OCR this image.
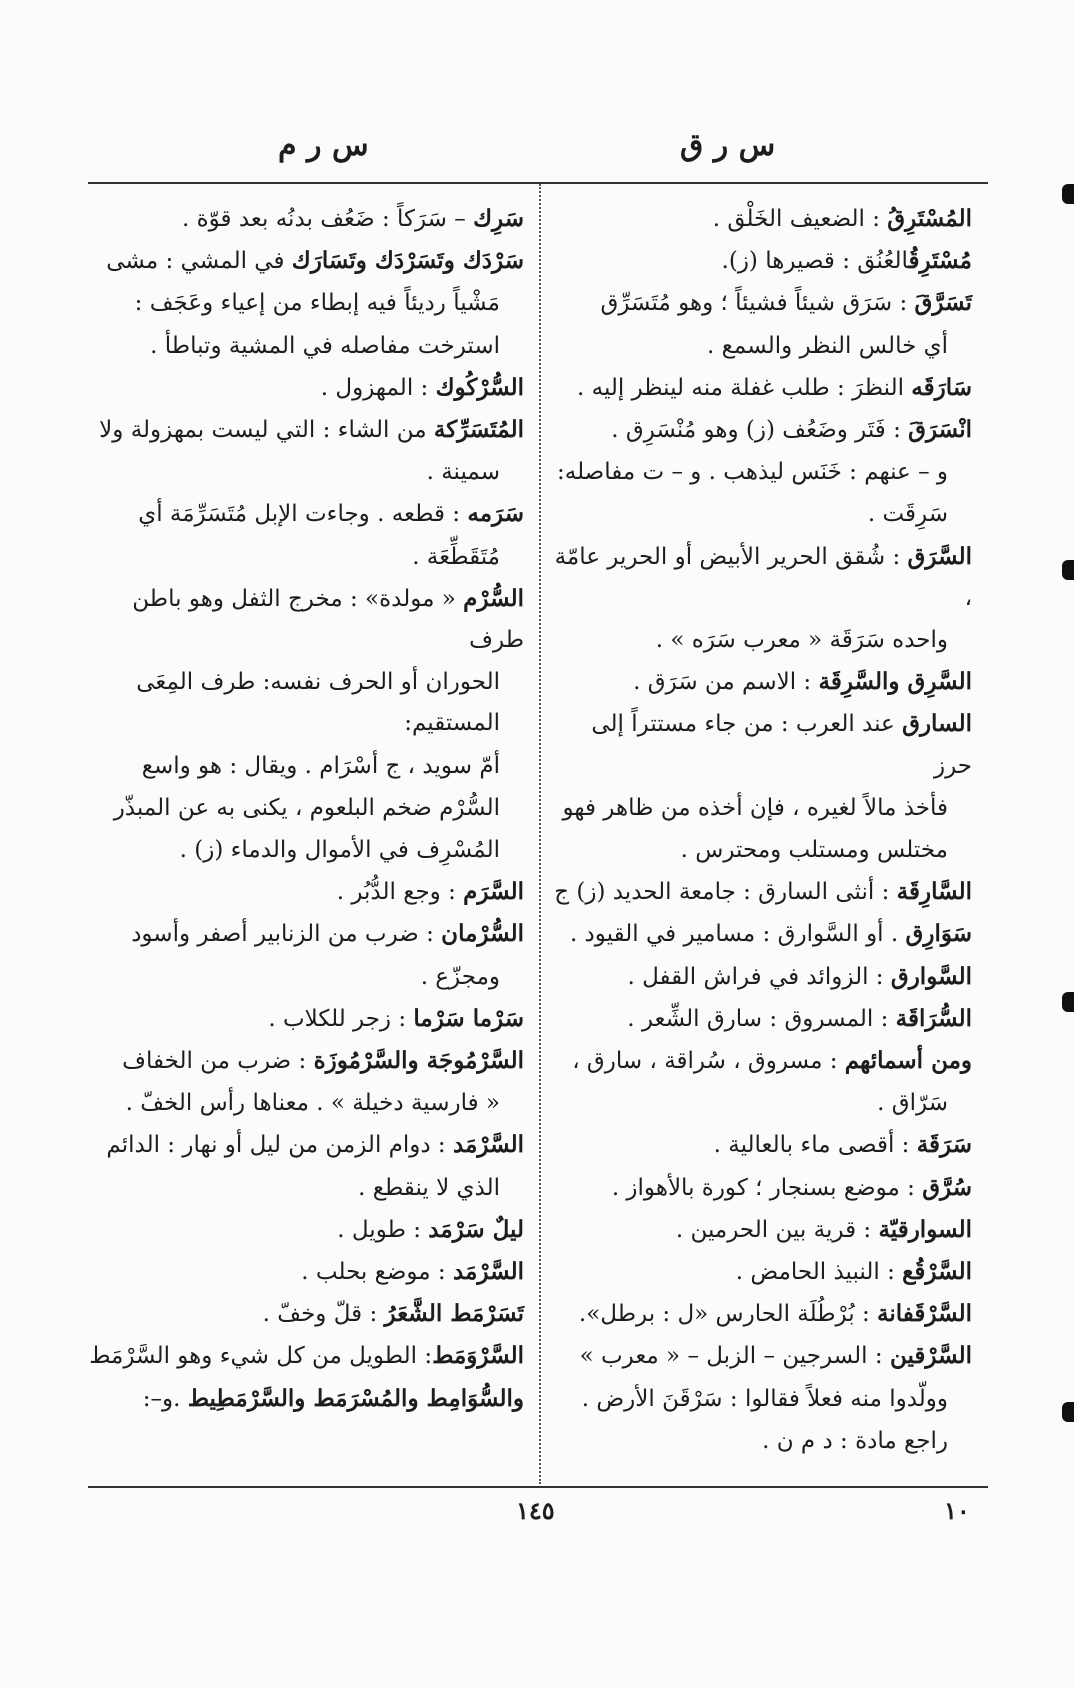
س ر ق
س ر م
المُسْتَرِقُ : الضعيف الخَلْق .
مُسْتَرِقُالعُنُق : قصيرها (ز).
تَسَرَّقَ : سَرَق شيئاً فشيئاً ؛ وهو مُتَسَرِّق
أي خالس النظر والسمع .
سَارَقَه النظرَ : طلب غفلة منه لينظر إليه .
انْسَرَقَ : فَتَر وضَعُف (ز) وهو مُنْسَرِق .
و – عنهم : خَنَس ليذهب . و – ت مفاصله:
سَرِقَت .
السَّرَق : شُقق الحرير الأبيض أو الحرير عامّة ،
واحده سَرَقَة « معرب سَرَه » .
السَّرِق والسَّرِقَة : الاسم من سَرَق .
السارق عند العرب : من جاء مستتراً إلى حرز
فأخذ مالاً لغيره ، فإن أخذه من ظاهر فهو
مختلس ومستلب ومحترس .
السَّارِقَة : أنثى السارق : جامعة الحديد (ز) ج
سَوَارِق . أو السَّوارق : مسامير في القيود .
السَّوارق : الزوائد في فراش القفل .
السُّرَاقَة : المسروق : سارق الشِّعر .
ومن أسمائهم : مسروق ، سُراقة ، سارق ،
سَرّاق .
سَرَقَة : أقصى ماء بالعالية .
سُرَّق : موضع بسنجار ؛ كورة بالأهواز .
السوارقيّة : قرية بين الحرمين .
السَّرْقُع : النبيذ الحامض .
السَّرْقَفانة : بُرْطُلَة الحارس «ل : برطل».
السَّرْقين : السرجين – الزبل – « معرب »
وولّدوا منه فعلاً فقالوا : سَرْقَنَ الأرض .
راجع مادة : د م ن .
سَرِك – سَرَكاً : ضَعُف بدنُه بعد قوّة .
سَرْدَك وتَسَرْدَك وتَسَارَك في المشي : مشى
مَشْياً رديئاً فيه إبطاء من إعياء وعَجَف :
استرخت مفاصله في المشية وتباطأ .
السُّرْكُوك : المهزول .
المُتَسَرِّكة من الشاء : التي ليست بمهزولة ولا
سمينة .
سَرَمه : قطعه . وجاءت الإبل مُتَسَرِّمَة أي
مُتَقَطِّعَة .
السُّرْم « مولدة» : مخرج الثفل وهو باطن طرف
الحوران أو الحرف نفسه: طرف المِعَى المستقيم:
أمّ سويد ، ج أسْرَام . ويقال : هو واسع
السُّرْم ضخم البلعوم ، يكنى به عن المبذّر
المُسْرِف في الأموال والدماء (ز) .
السَّرَم : وجع الدُّبُر .
السُّرْمان : ضرب من الزنابير أصفر وأسود
ومجزّع .
سَرْما سَرْما : زجر للكلاب .
السَّرْمُوجَة والسَّرْمُوزَة : ضرب من الخفاف
« فارسية دخيلة » . معناها رأس الخفّ .
السَّرْمَد : دوام الزمن من ليل أو نهار : الدائم
الذي لا ينقطع .
ليلٌ سَرْمَد : طويل .
السَّرْمَد : موضع بحلب .
تَسَرْمَط الشَّعَرُ : قلّ وخفّ .
السَّرْوَمَط: الطويل من كل شيء وهو السَّرْمَط
والسُّوَامِط والمُسْرَمَط والسَّرْمَطِيط .و–:
١٤٥	١٠
